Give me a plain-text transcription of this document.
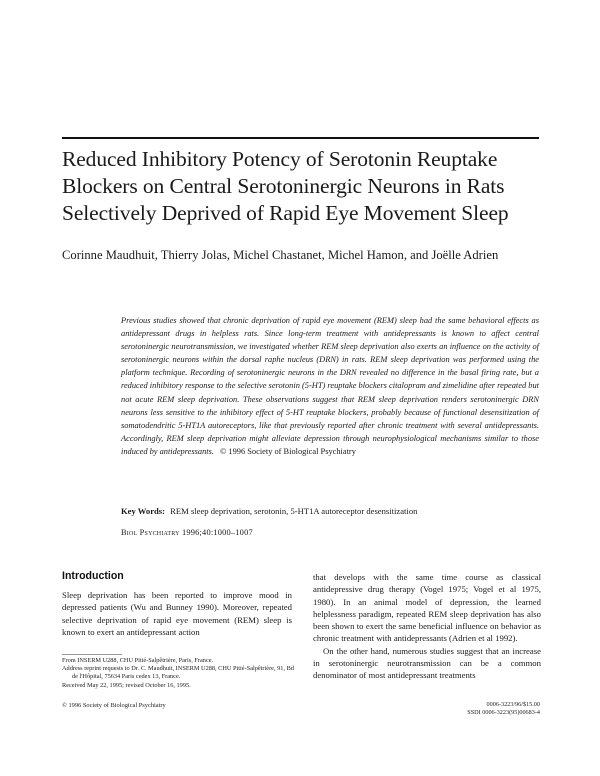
Reduced Inhibitory Potency of Serotonin Reuptake Blockers on Central Serotoninergic Neurons in Rats Selectively Deprived of Rapid Eye Movement Sleep
Corinne Maudhuit, Thierry Jolas, Michel Chastanet, Michel Hamon, and Joëlle Adrien
Previous studies showed that chronic deprivation of rapid eye movement (REM) sleep had the same behavioral effects as antidepressant drugs in helpless rats. Since long-term treatment with antidepressants is known to affect central serotoninergic neurotransmission, we investigated whether REM sleep deprivation also exerts an influence on the activity of serotoninergic neurons within the dorsal raphe nucleus (DRN) in rats. REM sleep deprivation was performed using the platform technique. Recording of serotoninergic neurons in the DRN revealed no difference in the basal firing rate, but a reduced inhibitory response to the selective serotonin (5-HT) reuptake blockers citalopram and zimelidine after repeated but not acute REM sleep deprivation. These observations suggest that REM sleep deprivation renders serotoninergic DRN neurons less sensitive to the inhibitory effect of 5-HT reuptake blockers, probably because of functional desensitization of somatodendritic 5-HT1A autoreceptors, like that previously reported after chronic treatment with several antidepressants. Accordingly, REM sleep deprivation might alleviate depression through neurophysiological mechanisms similar to those induced by antidepressants. © 1996 Society of Biological Psychiatry
Key Words: REM sleep deprivation, serotonin, 5-HT1A autoreceptor desensitization
Biol Psychiatry 1996;40:1000–1007
Introduction

Sleep deprivation has been reported to improve mood in depressed patients (Wu and Bunney 1990). Moreover, repeated selective deprivation of rapid eye movement (REM) sleep is known to exert an antidepressant action

that develops with the same time course as classical antidepressive drug therapy (Vogel 1975; Vogel et al 1975, 1980). In an animal model of depression, the learned helplessness paradigm, repeated REM sleep deprivation has also been shown to exert the same beneficial influence on behavior as chronic treatment with antidepressants (Adrien et al 1992).

On the other hand, numerous studies suggest that an increase in serotoninergic neurotransmission can be a common denominator of most antidepressant treatments

From INSERM U288, CHU Pitié-Salpêtrière, Paris, France.

Address reprint requests to Dr. C. Maudhuit, INSERM U288, CHU Pitié-Salpêtrière, 91, Bd de l'Hôpital, 75634 Paris cedex 13, France.

Received May 22, 1995; revised October 16, 1995.

© 1996 Society of Biological Psychiatry	0006-3223/96/$15.00
SSDI 0006-3223(95)00683-4
